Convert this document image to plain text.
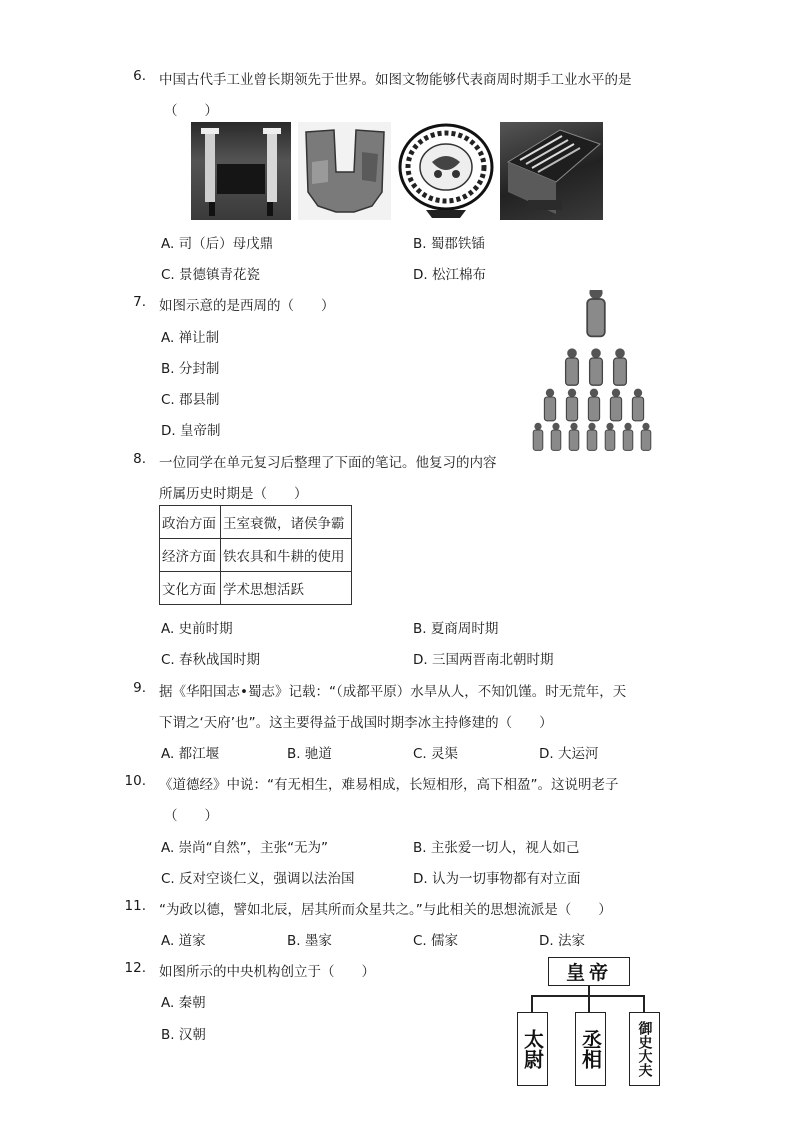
6. 中国古代手工业曾长期领先于世界。如图文物能够代表商周时期手工业水平的是
（　　）
A. 司（后）母戊鼎	B. 蜀郡铁锸
C. 景德镇青花瓷	D. 松江棉布
7. 如图示意的是西周的（　　）
A. 禅让制
B. 分封制
C. 郡县制
D. 皇帝制
8. 一位同学在单元复习后整理了下面的笔记。他复习的内容
所属历史时期是（　　）
政治方面	王室衰微，诸侯争霸
经济方面	铁农具和牛耕的使用
文化方面	学术思想活跃
A. 史前时期	B. 夏商周时期
C. 春秋战国时期	D. 三国两晋南北朝时期
9. 据《华阳国志•蜀志》记载：“（成都平原）水旱从人，不知饥馑。时无荒年，天
下谓之‘天府’也”。这主要得益于战国时期李冰主持修建的（　　）
A. 都江堰	B. 驰道	C. 灵渠	D. 大运河
10. 《道德经》中说：“有无相生，难易相成，长短相形，高下相盈”。这说明老子
（　　）
A. 崇尚“自然”，主张“无为”	B. 主张爱一切人，视人如己
C. 反对空谈仁义，强调以法治国	D. 认为一切事物都有对立面
11. “为政以德，譬如北辰，居其所而众星共之。”与此相关的思想流派是（　　）
A. 道家	B. 墨家	C. 儒家	D. 法家
12. 如图所示的中央机构创立于（　　）
A. 秦朝
B. 汉朝
皇帝
太尉 丞相	御史大夫
